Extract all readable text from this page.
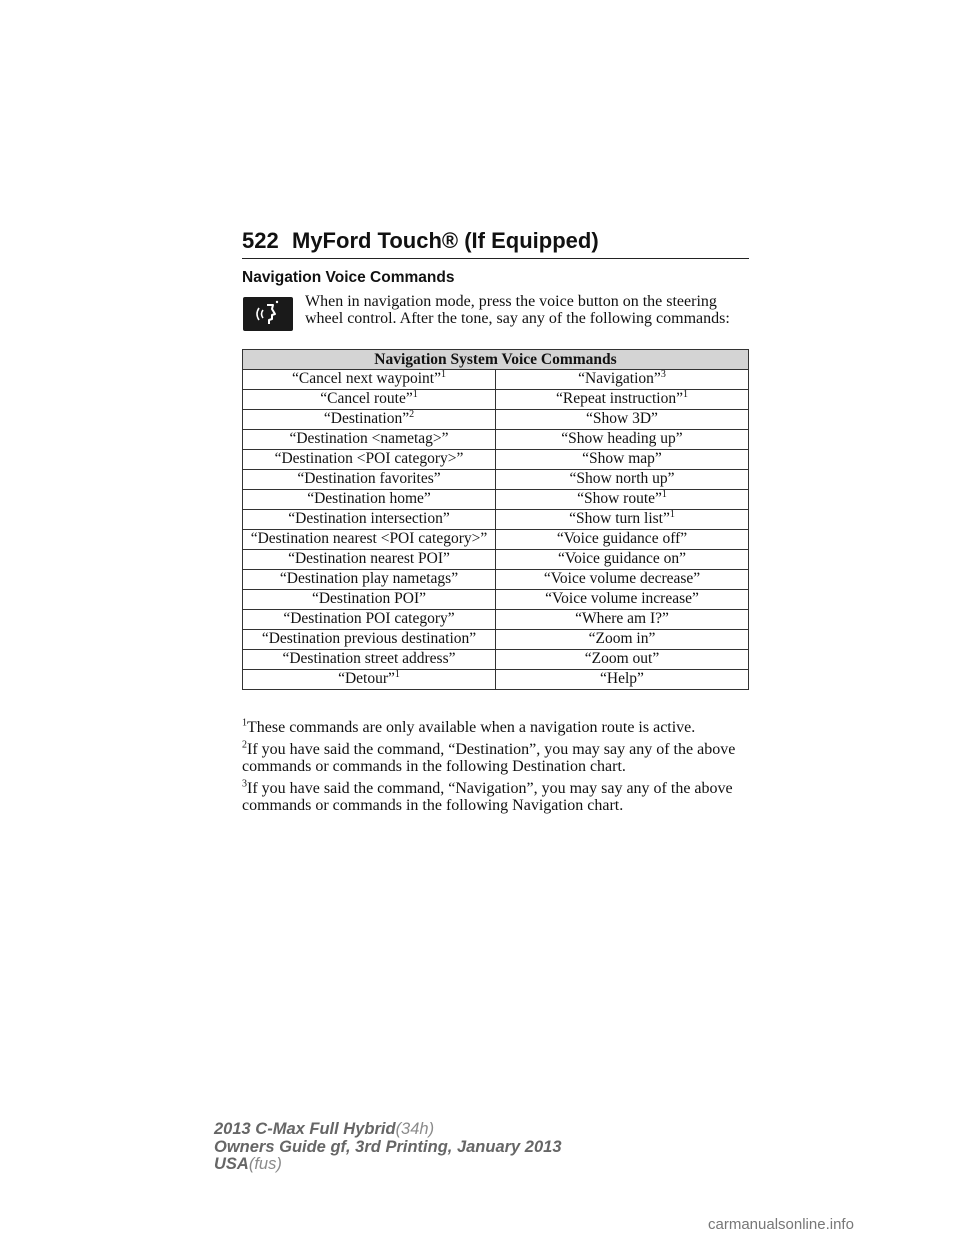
522 MyFord Touch® (If Equipped)
Navigation Voice Commands
When in navigation mode, press the voice button on the steering wheel control. After the tone, say any of the following commands:
Navigation System Voice Commands	
“Cancel next waypoint”$^1$	“Navigation”$^3$
“Cancel route”$^1$	“Repeat instruction”$^1$
“Destination”$^2$	“Show 3D”
“Destination <nametag>”	“Show heading up”
“Destination <POI category>”	“Show map”
“Destination favorites”	“Show north up”
“Destination home”	“Show route”$^1$
“Destination intersection”	“Show turn list”$^1$
“Destination nearest <POI category>”	“Voice guidance off”
“Destination nearest POI”	“Voice guidance on”
“Destination play nametags”	“Voice volume decrease”
“Destination POI”	“Voice volume increase”
“Destination POI category”	“Where am I?”
“Destination previous destination”	“Zoom in”
“Destination street address”	“Zoom out”
“Detour”$^1$	“Help”

$^1$These commands are only available when a navigation route is active.

$^2$If you have said the command, “Destination”, you may say any of the above commands or commands in the following Destination chart.

$^3$If you have said the command, “Navigation”, you may say any of the above commands or commands in the following Navigation chart.

2013 C-Max Full Hybrid(34h)
Owners Guide gf, 3rd Printing, January 2013
USA(fus)
carmanualsonline.info
